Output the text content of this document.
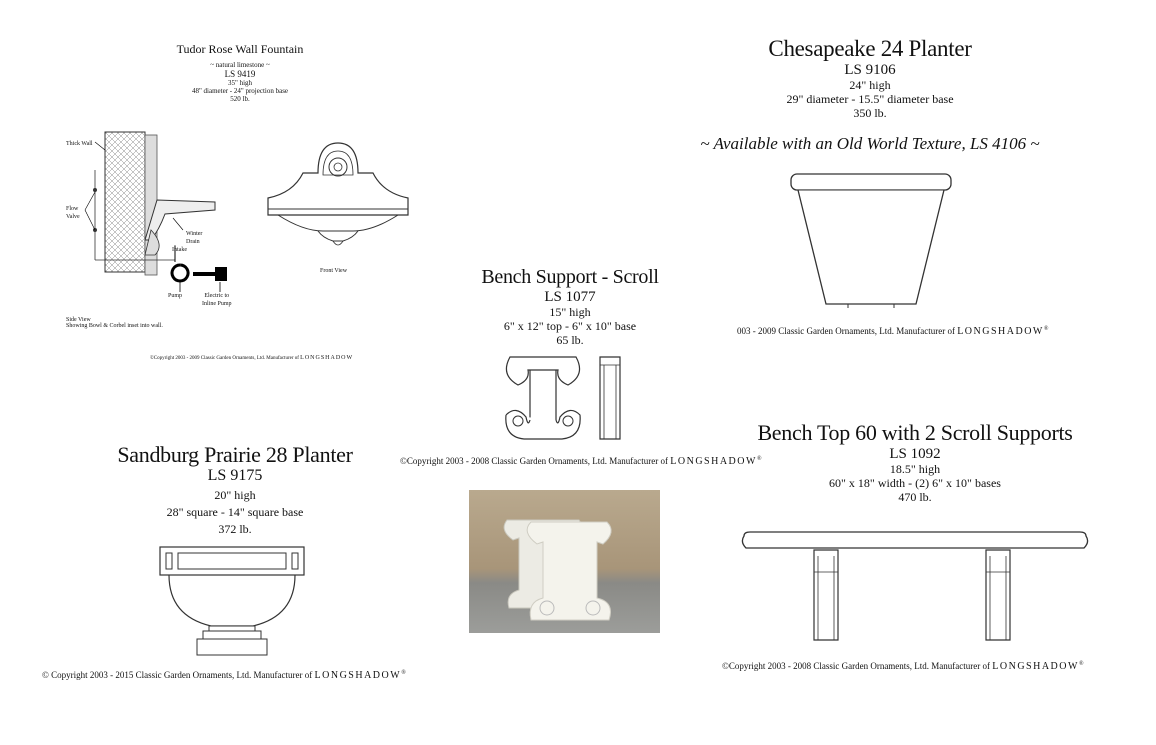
Tudor Rose Wall Fountain
~ natural limestone ~
LS 9419
35" high
48" diameter - 24" projection base
520 lb.
Thick Wall
Flow
Valve
Winter
Drain
Intake
Pump	Electric to
Inline Pump
Side View
Showing Bowl & Corbel inset into wall.
Front View
©Copyright 2003 - 2009 Classic Garden Ornaments, Ltd. Manufacturer of LONGSHADOW
Chesapeake 24 Planter
LS 9106
24" high
29" diameter - 15.5" diameter base
350 lb.
~ Available with an Old World Texture, LS 4106 ~
003 - 2009 Classic Garden Ornaments, Ltd. Manufacturer of LONGSHADOW®
Bench Support - Scroll
LS 1077
15" high
6" x 12" top - 6" x 10" base
65 lb.
©Copyright 2003 - 2008 Classic Garden Ornaments, Ltd. Manufacturer of LONGSHADOW®
Sandburg Prairie 28 Planter
LS 9175
20" high
28" square - 14" square base
372 lb.
© Copyright 2003 - 2015 Classic Garden Ornaments, Ltd. Manufacturer of LONGSHADOW®
Bench Top 60 with 2 Scroll Supports
LS 1092
18.5" high
60" x 18" width - (2) 6" x 10" bases
470 lb.
©Copyright 2003 - 2008 Classic Garden Ornaments, Ltd. Manufacturer of LONGSHADOW®
